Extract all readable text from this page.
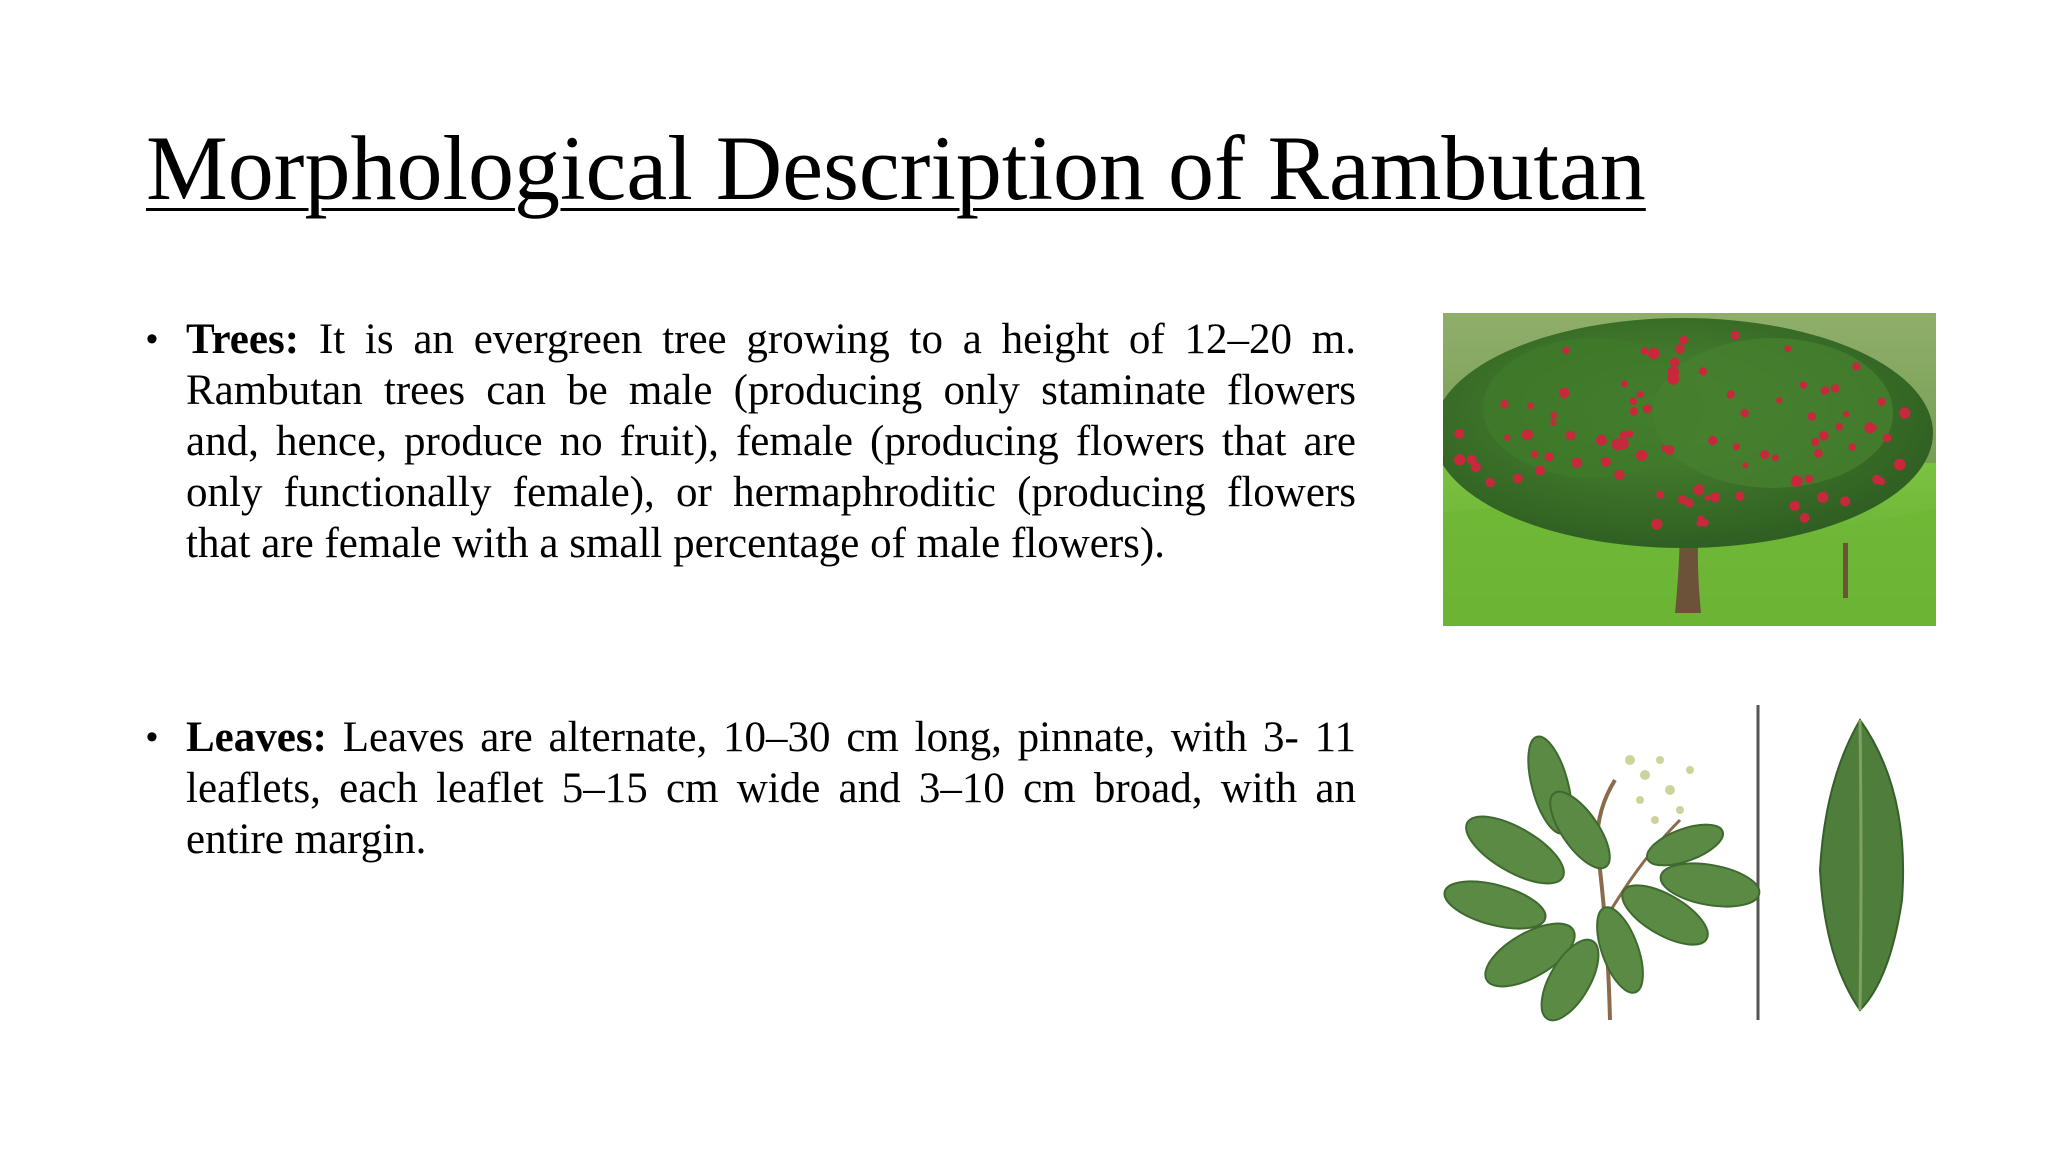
Morphological Description of Rambutan
• Trees: It is an evergreen tree growing to a height of 12–20 m. Rambutan trees can be male (producing only staminate flowers and, hence, produce no fruit), female (producing flowers that are only functionally female), or hermaphroditic (producing flowers that are female with a small percentage of male flowers).
• Leaves: Leaves are alternate, 10–30 cm long, pinnate, with 3- 11 leaflets, each leaflet 5–15 cm wide and 3–10 cm broad, with an entire margin.
